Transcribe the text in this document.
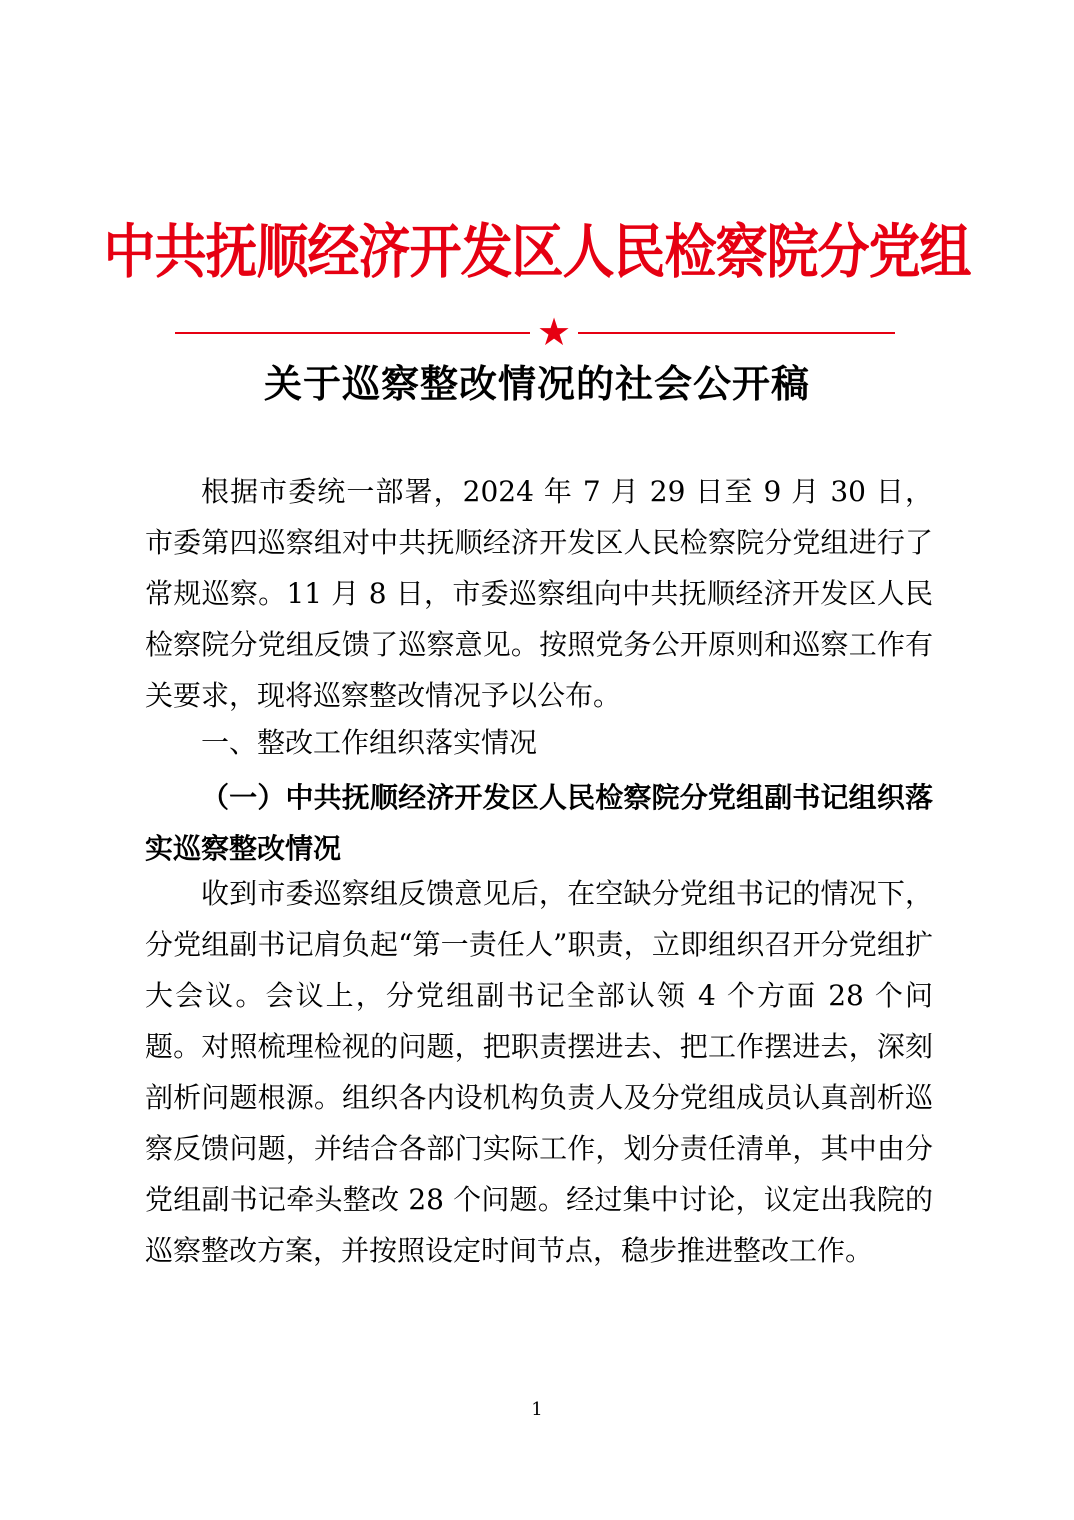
中共抚顺经济开发区人民检察院分党组
★
关于巡察整改情况的社会公开稿

根据市委统一部署，2024 年 7 月 29 日至 9 月 30 日，市委第四巡察组对中共抚顺经济开发区人民检察院分党组进行了常规巡察。11 月 8 日，市委巡察组向中共抚顺经济开发区人民检察院分党组反馈了巡察意见。按照党务公开原则和巡察工作有关要求，现将巡察整改情况予以公布。

一、整改工作组织落实情况

（一）中共抚顺经济开发区人民检察院分党组副书记组织落实巡察整改情况

收到市委巡察组反馈意见后，在空缺分党组书记的情况下，分党组副书记肩负起“第一责任人”职责，立即组织召开分党组扩大会议。会议上，分党组副书记全部认领 4 个方面 28 个问题。对照梳理检视的问题，把职责摆进去、把工作摆进去，深刻剖析问题根源。组织各内设机构负责人及分党组成员认真剖析巡察反馈问题，并结合各部门实际工作，划分责任清单，其中由分党组副书记牵头整改 28 个问题。经过集中讨论，议定出我院的巡察整改方案，并按照设定时间节点，稳步推进整改工作。

1
